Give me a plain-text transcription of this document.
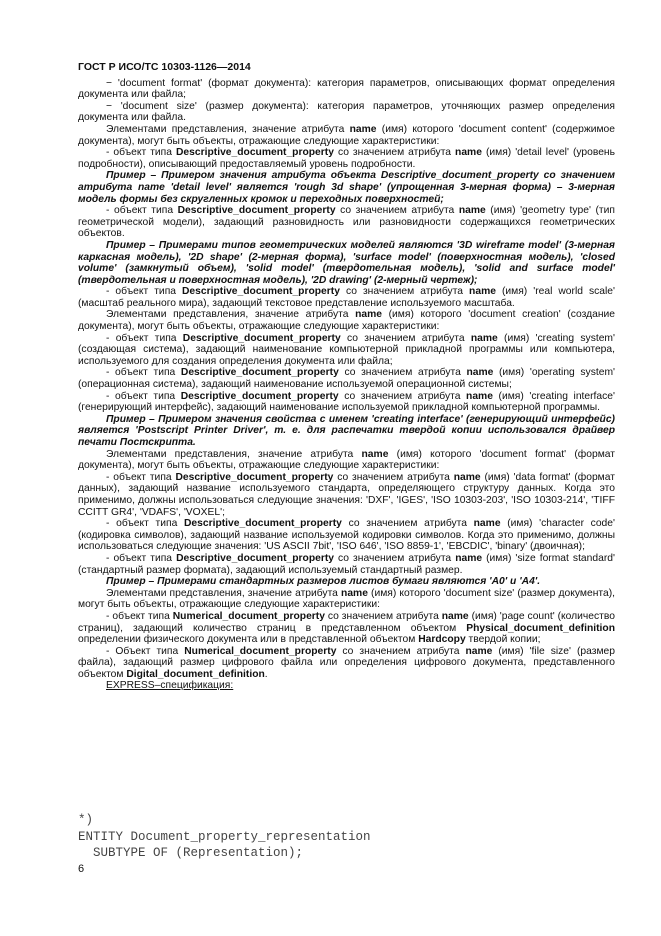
ГОСТ Р ИСО/ТС 10303-1126—2014

− 'document format' (формат документа): категория параметров, описывающих формат определения документа или файла;

− 'document size' (размер документа): категория параметров, уточняющих размер определения документа или файла.

Элементами представления, значение атрибута name (имя) которого 'document content' (содержимое документа), могут быть объекты, отражающие следующие характеристики:

- объект типа Descriptive_document_property со значением атрибута name (имя) 'detail level' (уровень подробности), описывающий предоставляемый уровень подробности.

Пример – Примером значения атрибута объекта Descriptive_document_property со значением атрибута name 'detail level' является 'rough 3d shape' (упрощенная 3-мерная форма) – 3-мерная модель формы без скругленных кромок и переходных поверхностей;

- объект типа Descriptive_document_property со значением атрибута name (имя) 'geometry type' (тип геометрической модели), задающий разновидность или разновидности содержащихся геометрических объектов.

Пример – Примерами типов геометрических моделей являются '3D wireframe model' (3-мерная каркасная модель), '2D shape' (2-мерная форма), 'surface model' (поверхностная модель), 'closed volume' (замкнутый объем), 'solid model' (твердотельная модель), 'solid and surface model' (твердотельная и поверхностная модель), '2D drawing' (2-мерный чертеж);

- объект типа Descriptive_document_property со значением атрибута name (имя) 'real world scale' (масштаб реального мира), задающий текстовое представление используемого масштаба.

Элементами представления, значение атрибута name (имя) которого 'document creation' (создание документа), могут быть объекты, отражающие следующие характеристики:

- объект типа Descriptive_document_property со значением атрибута name (имя) 'creating system' (создающая система), задающий наименование компьютерной прикладной программы или компьютера, используемого для создания определения документа или файла;

- объект типа Descriptive_document_property со значением атрибута name (имя) 'operating system' (операционная система), задающий наименование используемой операционной системы;

- объект типа Descriptive_document_property со значением атрибута name (имя) 'creating interface' (генерирующий интерфейс), задающий наименование используемой прикладной компьютерной программы.

Пример – Примером значения свойства с именем 'creating interface' (генерирующий интерфейс) является 'Postscript Printer Driver', т. е. для распечатки твердой копии использовался драйвер печати Постскрипта.

Элементами представления, значение атрибута name (имя) которого 'document format' (формат документа), могут быть объекты, отражающие следующие характеристики:

- объект типа Descriptive_document_property со значением атрибута name (имя) 'data format' (формат данных), задающий название используемого стандарта, определяющего структуру данных. Когда это применимо, должны использоваться следующие значения: 'DXF', 'IGES', 'ISO 10303-203', 'ISO 10303-214', 'TIFF CCITT GR4', 'VDAFS', 'VOXEL';

- объект типа Descriptive_document_property со значением атрибута name (имя) 'character code' (кодировка символов), задающий название используемой кодировки символов. Когда это применимо, должны использоваться следующие значения: 'US ASCII 7bit', 'ISO 646', 'ISO 8859-1', 'EBCDIC', 'binary' (двоичная);

- объект типа Descriptive_document_property со значением атрибута name (имя) 'size format standard' (стандартный размер формата), задающий используемый стандартный размер.

Пример – Примерами стандартных размеров листов бумаги являются 'A0' и 'A4'.

Элементами представления, значение атрибута name (имя) которого 'document size' (размер документа), могут быть объекты, отражающие следующие характеристики:

- объект типа Numerical_document_property со значением атрибута name (имя) 'page count' (количество страниц), задающий количество страниц в представленном объектом Physical_document_definition определении физического документа или в представленной объектом Hardcopy твердой копии;

- Объект типа Numerical_document_property со значением атрибута name (имя) 'file size' (размер файла), задающий размер цифрового файла или определения цифрового документа, представленного объектом Digital_document_definition.

EXPRESS–спецификация:

*)
ENTITY Document_property_representation
SUBTYPE OF (Representation);
6
